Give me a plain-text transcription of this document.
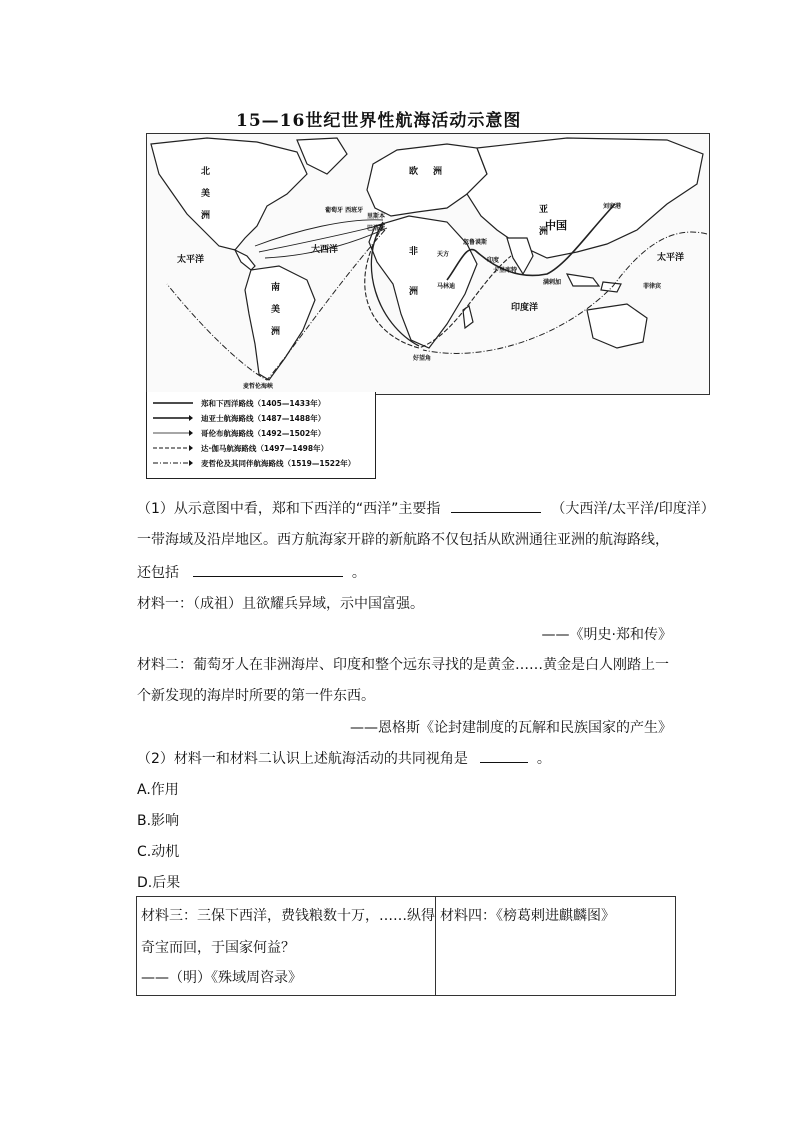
15—16世纪世界性航海活动示意图
北
美
洲
南
美
洲
欧 洲
非
洲
亚
洲
中国
印度洋
大西洋
太平洋	太平洋
葡萄牙 西班牙
里斯本
巴洛斯
忽鲁谟斯
天方
马林迪
印度
卡里库特
满剌加
刘家港
菲律宾
好望角
麦哲伦海峡
郑和下西洋路线（1405—1433年）
迪亚士航海路线（1487—1488年）
哥伦布航海路线（1492—1502年）
达·伽马航海路线（1497—1498年）
麦哲伦及其同伴航海路线（1519—1522年）
（1）从示意图中看，郑和下西洋的“西洋”主要指	（大西洋/太平洋/印度洋）
一带海域及沿岸地区。西方航海家开辟的新航路不仅包括从欧洲通往亚洲的航海路线，
还包括	。
材料一：（成祖）且欲耀兵异域，示中国富强。
——《明史·郑和传》
材料二：葡萄牙人在非洲海岸、印度和整个远东寻找的是黄金……黄金是白人刚踏上一
个新发现的海岸时所要的第一件东西。
——恩格斯《论封建制度的瓦解和民族国家的产生》
（2）材料一和材料二认识上述航海活动的共同视角是	。
A.作用
B.影响
C.动机
D.后果
材料三：三保下西洋，费钱粮数十万，……纵得
奇宝而回，于国家何益？
——（明）《殊域周咨录》
材料四：《榜葛剌进麒麟图》
